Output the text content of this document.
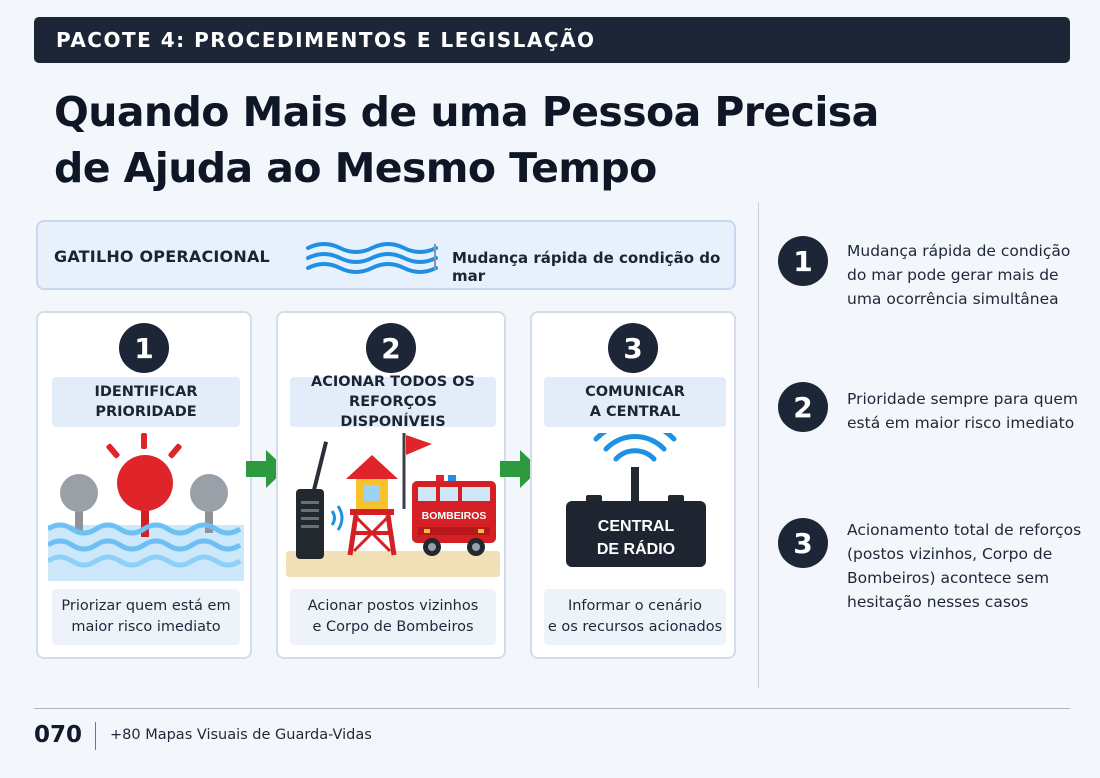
PACOTE 4: PROCEDIMENTOS E LEGISLAÇÃO
Quando Mais de uma Pessoa Precisa
de Ajuda ao Mesmo Tempo
GATILHO OPERACIONAL	Mudança rápida de condição do mar
1
IDENTIFICAR
PRIORIDADE
Priorizar quem está em
maior risco imediato
2
ACIONAR TODOS OS
REFORÇOS DISPONÍVEIS
BOMBEIROS
Acionar postos vizinhos
e Corpo de Bombeiros
3
COMUNICAR
A CENTRAL
CENTRAL
DE RÁDIO
Informar o cenário
e os recursos acionados
1	Mudança rápida de condição do mar pode gerar mais de uma ocorrência simultânea
2	Prioridade sempre para quem está em maior risco imediato
3	Acionamento total de reforços (postos vizinhos, Corpo de Bombeiros) acontece sem hesitação nesses casos
070 +80 Mapas Visuais de Guarda-Vidas
